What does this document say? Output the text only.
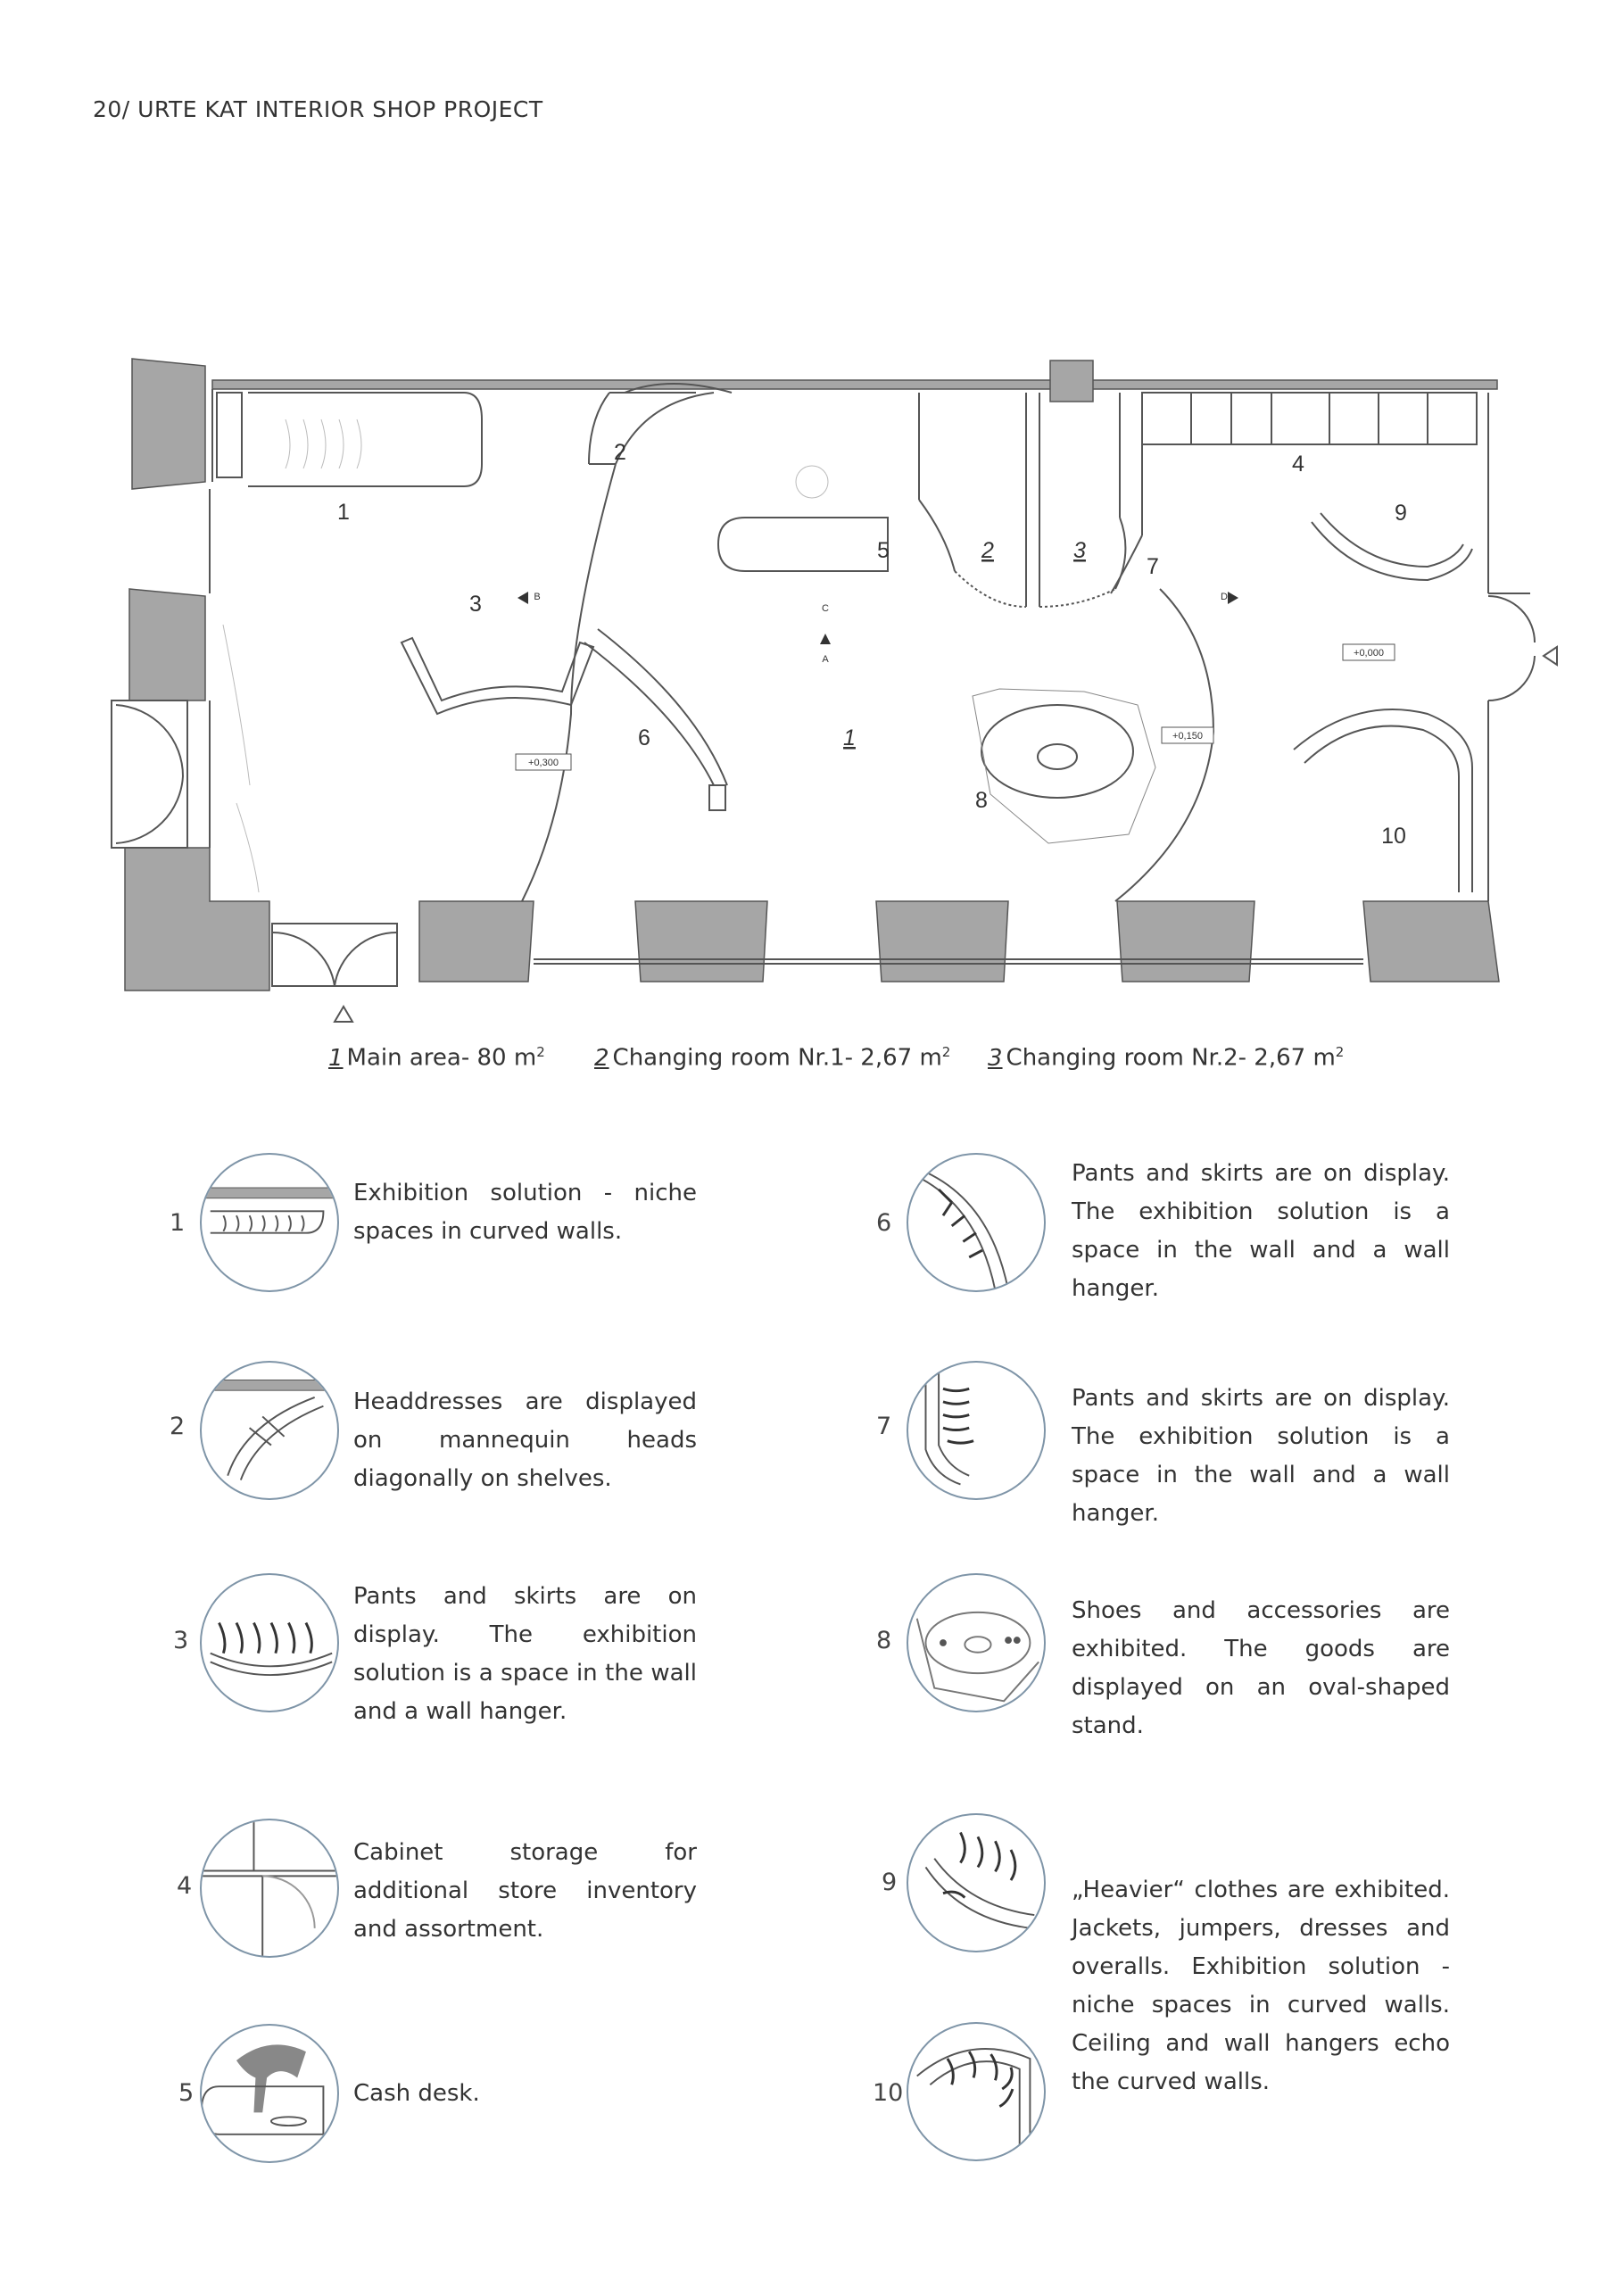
20/ URTE KAT INTERIOR SHOP PROJECT
+0,300
+0,150
+0,000
B
C
A
D
1
2
3
4
5
6
7
8
9
10
1
2	3
1 Main area- 80 $m^2$ 2 Changing room Nr.1- 2,67 $m^2$ 3 Changing room Nr.2- 2,67 $m^2$
1
Exhibition solution - niche spaces in curved walls.
2
Headdresses are displayed on mannequin heads diagonally on shelves.
3
Pants and skirts are on display. The exhibition solution is a space in the wall and a wall hanger.
4
Cabinet storage for additional store inventory and assortment.
5	Cash desk.
6
Pants and skirts are on display. The exhibition solution is a space in the wall and a wall hanger.
7
Pants and skirts are on display. The exhibition solution is a space in the wall and a wall hanger.
8
Shoes and accessories are exhibited. The goods are displayed on an oval-shaped stand.
9
10
„Heavier“ clothes are exhibited. Jackets, jumpers, dresses and overalls. Exhibition solution - niche spaces in curved walls. Ceiling and wall hangers echo the curved walls.
